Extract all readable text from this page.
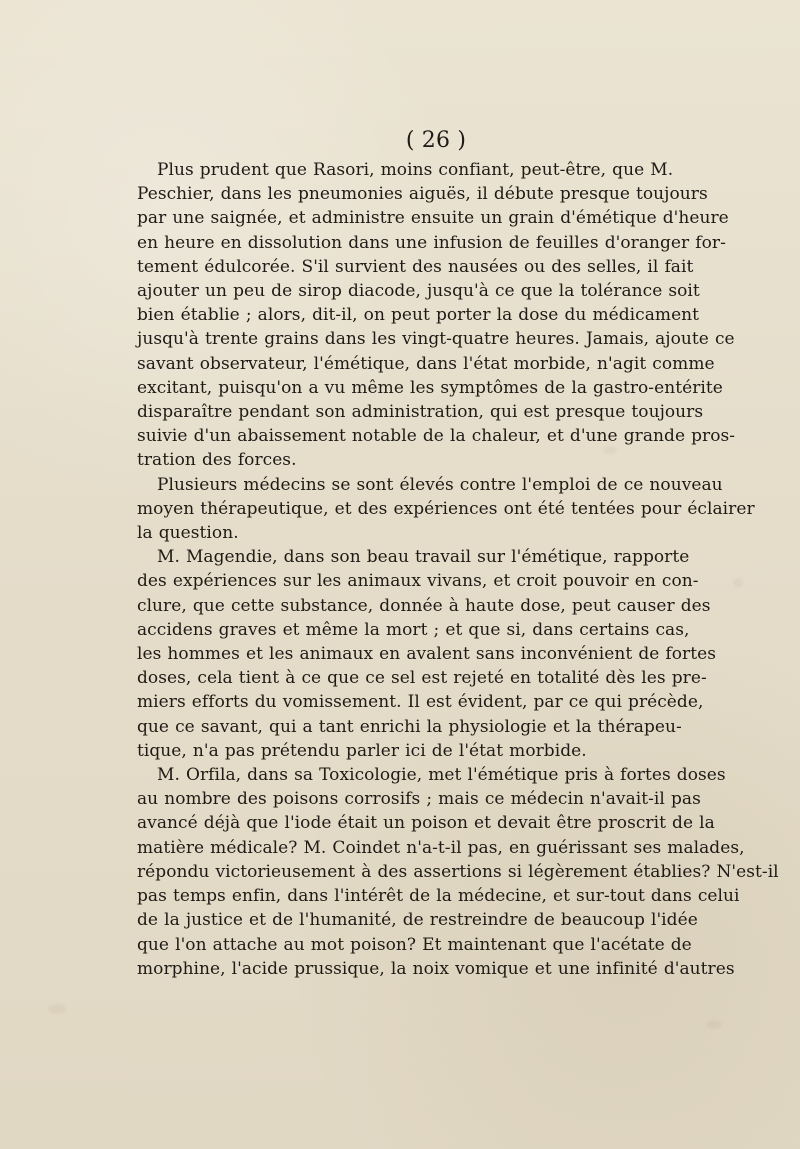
( 26 )
Plus prudent que Rasori, moins confiant, peut-être, que M.
Peschier, dans les pneumonies aiguës, il débute presque toujours
par une saignée, et administre ensuite un grain d'émétique d'heure
en heure en dissolution dans une infusion de feuilles d'oranger for-
tement édulcorée. S'il survient des nausées ou des selles, il fait
ajouter un peu de sirop diacode, jusqu'à ce que la tolérance soit
bien établie ; alors, dit-il, on peut porter la dose du médicament
jusqu'à trente grains dans les vingt-quatre heures. Jamais, ajoute ce
savant observateur, l'émétique, dans l'état morbide, n'agit comme
excitant, puisqu'on a vu même les symptômes de la gastro-entérite
disparaître pendant son administration, qui est presque toujours
suivie d'un abaissement notable de la chaleur, et d'une grande pros-
tration des forces.
Plusieurs médecins se sont élevés contre l'emploi de ce nouveau
moyen thérapeutique, et des expériences ont été tentées pour éclairer
la question.
M. Magendie, dans son beau travail sur l'émétique, rapporte
des expériences sur les animaux vivans, et croit pouvoir en con-
clure, que cette substance, donnée à haute dose, peut causer des
accidens graves et même la mort ; et que si, dans certains cas,
les hommes et les animaux en avalent sans inconvénient de fortes
doses, cela tient à ce que ce sel est rejeté en totalité dès les pre-
miers efforts du vomissement. Il est évident, par ce qui précède,
que ce savant, qui a tant enrichi la physiologie et la thérapeu-
tique, n'a pas prétendu parler ici de l'état morbide.
M. Orfila, dans sa Toxicologie, met l'émétique pris à fortes doses
au nombre des poisons corrosifs ; mais ce médecin n'avait-il pas
avancé déjà que l'iode était un poison et devait être proscrit de la
matière médicale? M. Coindet n'a-t-il pas, en guérissant ses malades,
répondu victorieusement à des assertions si légèrement établies? N'est-il
pas temps enfin, dans l'intérêt de la médecine, et sur-tout dans celui
de la justice et de l'humanité, de restreindre de beaucoup l'idée
que l'on attache au mot poison? Et maintenant que l'acétate de
morphine, l'acide prussique, la noix vomique et une infinité d'autres
